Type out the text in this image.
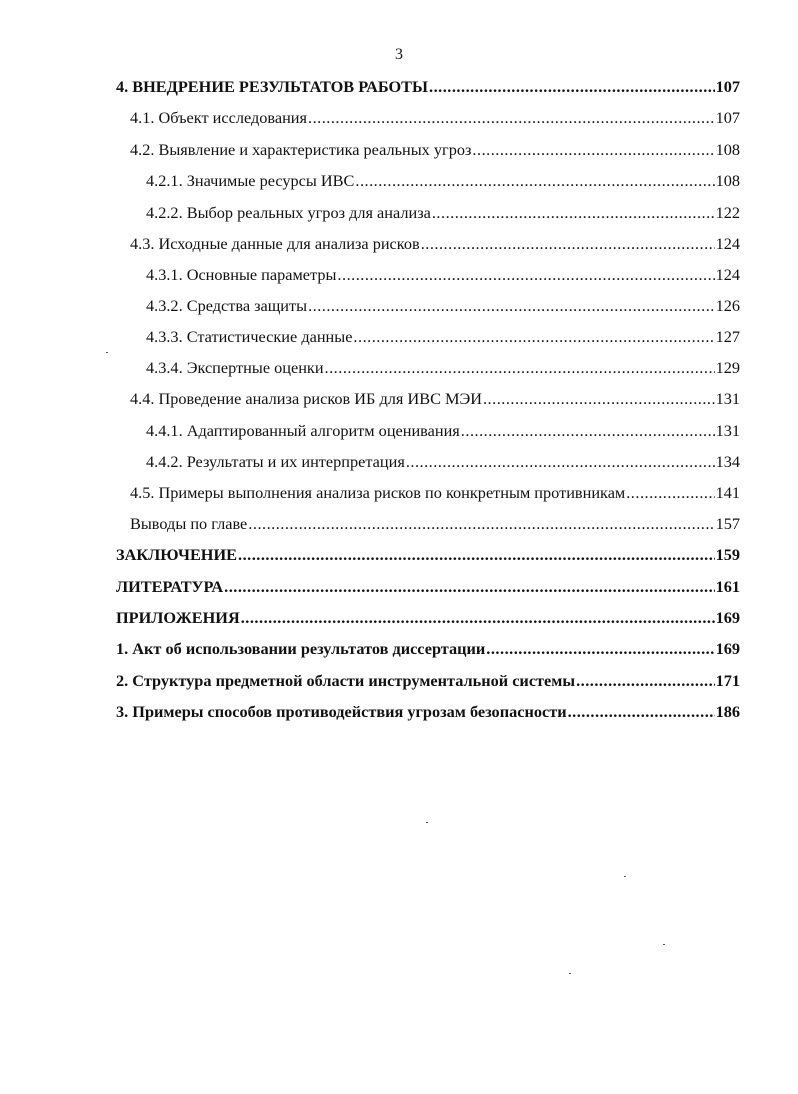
3
4. ВНЕДРЕНИЕ РЕЗУЛЬТАТОВ РАБОТЫ .....	107
4.1. Объект исследования .....	107
4.2. Выявление и характеристика реальных угроз .....	108
4.2.1. Значимые ресурсы ИВС .....	108
4.2.2. Выбор реальных угроз для анализа .....	122
4.3. Исходные данные для анализа рисков .....	124
4.3.1. Основные параметры .....	124
4.3.2. Средства защиты .....	126
4.3.3. Статистические данные .....	127
4.3.4. Экспертные оценки .....	129
4.4. Проведение анализа рисков ИБ для ИВС МЭИ .....	131
4.4.1. Адаптированный алгоритм оценивания .....	131
4.4.2. Результаты и их интерпретация .....	134
4.5. Примеры выполнения анализа рисков по конкретным противникам .....	141
Выводы по главе .....	157
ЗАКЛЮЧЕНИЕ .....	159
ЛИТЕРАТУРА .....	161
ПРИЛОЖЕНИЯ .....	169
1. Акт об использовании результатов диссертации .....	169
2. Структура предметной области инструментальной системы .....	171
3. Примеры способов противодействия угрозам безопасности .....	186
